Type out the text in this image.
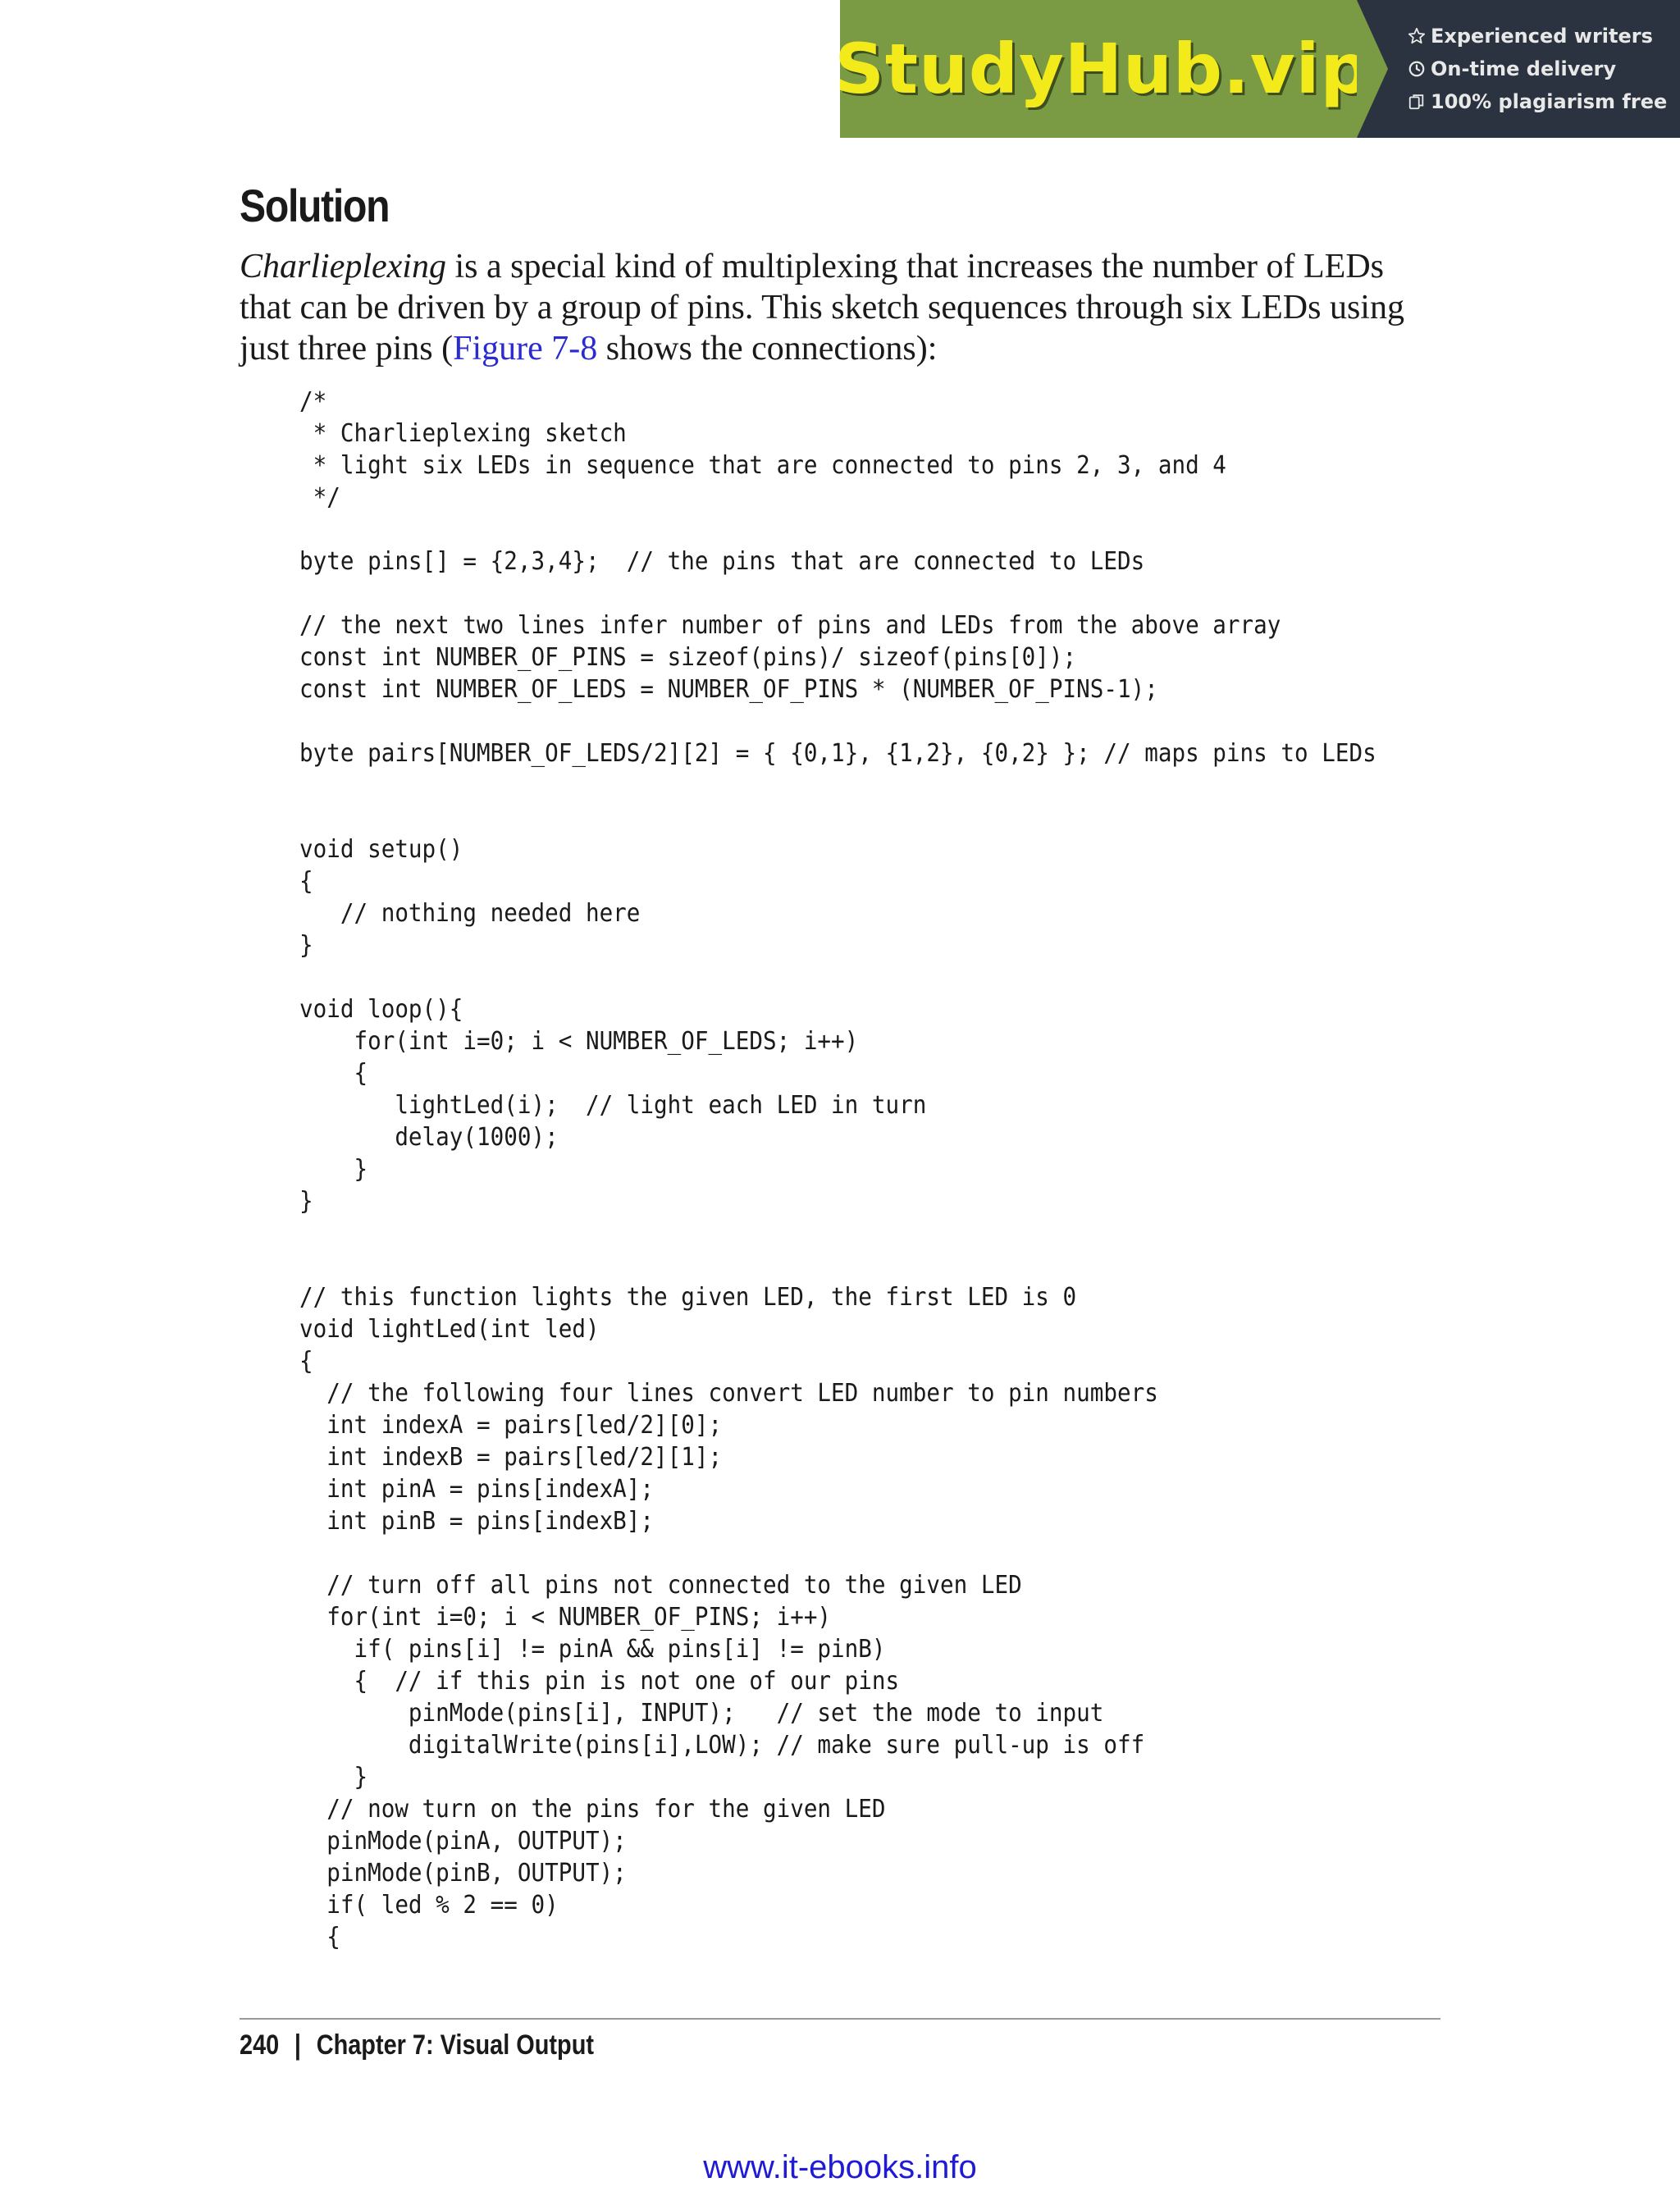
StudyHub.vip	Experienced writers
On-time delivery
100% plagiarism free
Solution

Charlieplexing is a special kind of multiplexing that increases the number of LEDs that can be driven by a group of pins. This sketch sequences through six LEDs using just three pins (Figure 7-8 shows the connections):

/*
* Charlieplexing sketch
* light six LEDs in sequence that are connected to pins 2, 3, and 4
*/

byte pins[] = {2,3,4};  // the pins that are connected to LEDs

// the next two lines infer number of pins and LEDs from the above array
const int NUMBER_OF_PINS = sizeof(pins)/ sizeof(pins[0]);
const int NUMBER_OF_LEDS = NUMBER_OF_PINS * (NUMBER_OF_PINS-1);

byte pairs[NUMBER_OF_LEDS/2][2] = { {0,1}, {1,2}, {0,2} }; // maps pins to LEDs

void setup()
{
// nothing needed here
}

void loop(){
for(int i=0; i < NUMBER_OF_LEDS; i++)
{
lightLed(i);  // light each LED in turn
delay(1000);
}
}

// this function lights the given LED, the first LED is 0
void lightLed(int led)
{
// the following four lines convert LED number to pin numbers
int indexA = pairs[led/2][0];
int indexB = pairs[led/2][1];
int pinA = pins[indexA];
int pinB = pins[indexB];

// turn off all pins not connected to the given LED
for(int i=0; i < NUMBER_OF_PINS; i++)
if( pins[i] != pinA && pins[i] != pinB)
{  // if this pin is not one of our pins
pinMode(pins[i], INPUT);   // set the mode to input
digitalWrite(pins[i],LOW); // make sure pull-up is off
}
// now turn on the pins for the given LED
pinMode(pinA, OUTPUT);
pinMode(pinB, OUTPUT);
if( led % 2 == 0)
{
240 | Chapter 7: Visual Output
www.it-ebooks.info
